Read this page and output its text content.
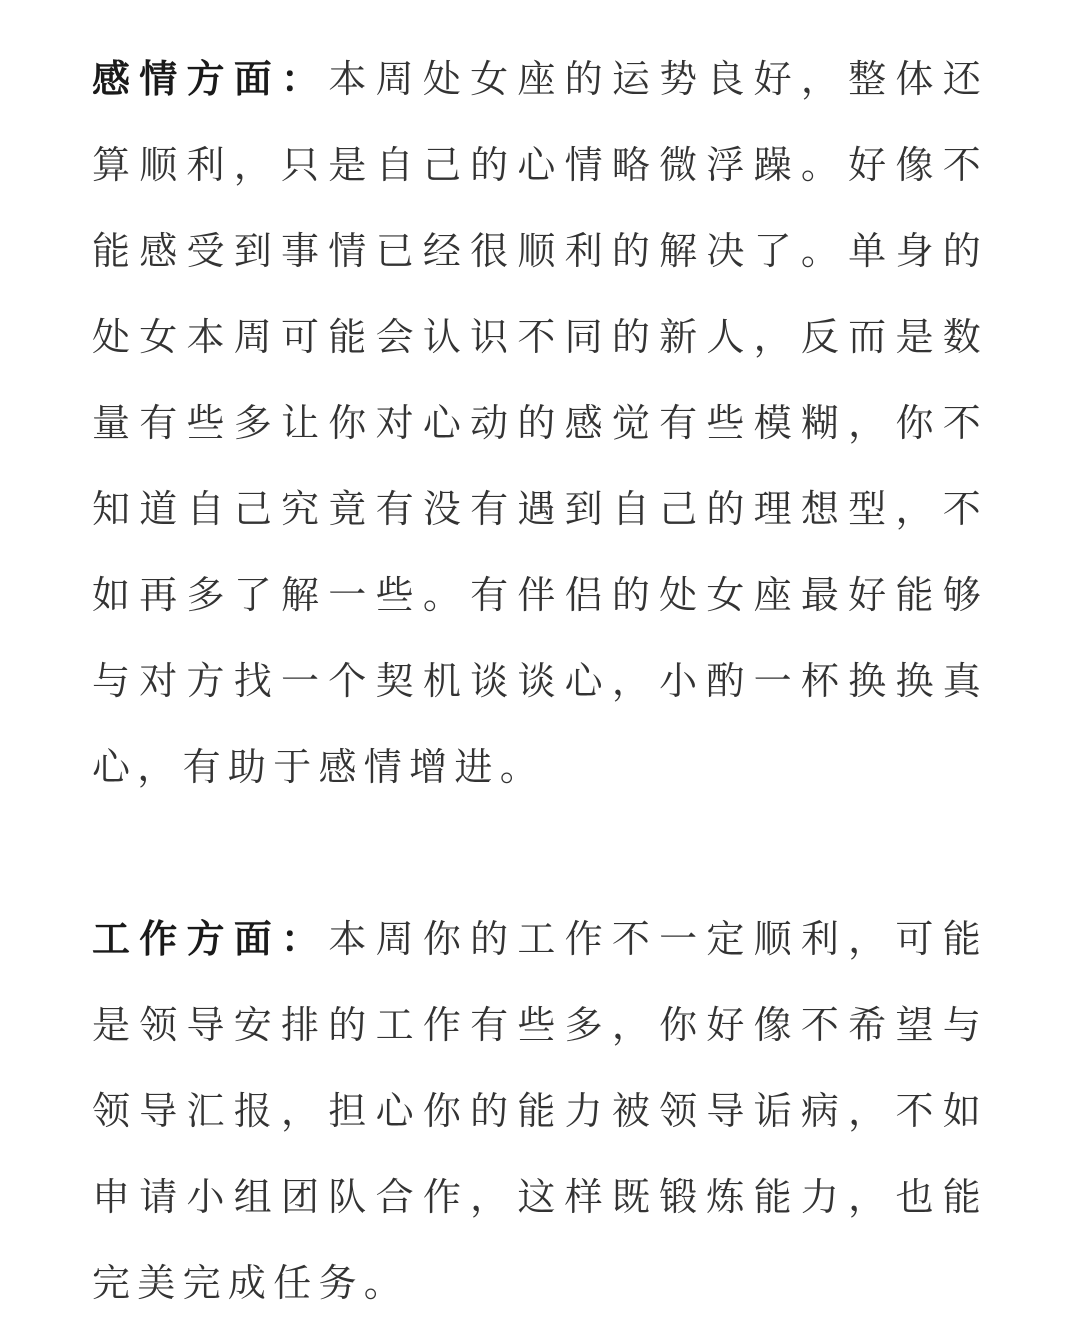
感情方面：本周处女座的运势良好，整体还算顺利，只是自己的心情略微浮躁。好像不能感受到事情已经很顺利的解决了。单身的处女本周可能会认识不同的新人，反而是数量有些多让你对心动的感觉有些模糊，你不知道自己究竟有没有遇到自己的理想型，不如再多了解一些。有伴侣的处女座最好能够与对方找一个契机谈谈心，小酌一杯换换真心，有助于感情增进。

工作方面：本周你的工作不一定顺利，可能是领导安排的工作有些多，你好像不希望与领导汇报，担心你的能力被领导诟病，不如申请小组团队合作，这样既锻炼能力，也能完美完成任务。
